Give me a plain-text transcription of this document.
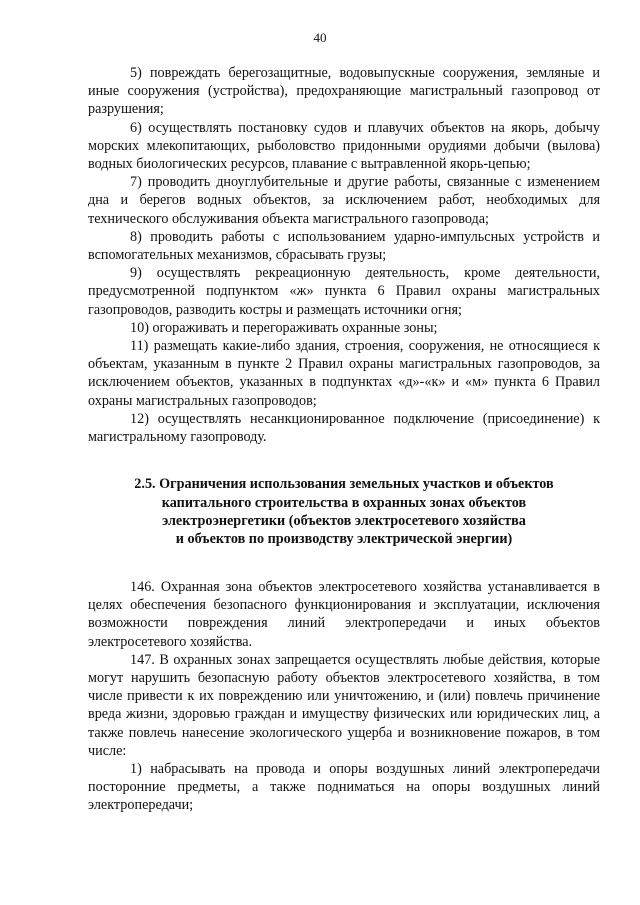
40

5) повреждать берегозащитные, водовыпускные сооружения, земляные и иные сооружения (устройства), предохраняющие магистральный газопровод от разрушения;

6) осуществлять постановку судов и плавучих объектов на якорь, добычу морских млекопитающих, рыболовство придонными орудиями добычи (вылова) водных биологических ресурсов, плавание с вытравленной якорь-цепью;

7) проводить дноуглубительные и другие работы, связанные с изменением дна и берегов водных объектов, за исключением работ, необходимых для технического обслуживания объекта магистрального газопровода;

8) проводить работы с использованием ударно-импульсных устройств и вспомогательных механизмов, сбрасывать грузы;

9) осуществлять рекреационную деятельность, кроме деятельности, предусмотренной подпунктом «ж» пункта 6 Правил охраны магистральных газопроводов, разводить костры и размещать источники огня;

10) огораживать и перегораживать охранные зоны;

11) размещать какие-либо здания, строения, сооружения, не относящиеся к объектам, указанным в пункте 2 Правил охраны магистральных газопроводов, за исключением объектов, указанных в подпунктах «д»-«к» и «м» пункта 6 Правил охраны магистральных газопроводов;

12) осуществлять несанкционированное подключение (присоединение) к магистральному газопроводу.

2.5. Ограничения использования земельных участков и объектов
капитального строительства в охранных зонах объектов
электроэнергетики (объектов электросетевого хозяйства
и объектов по производству электрической энергии)

146. Охранная зона объектов электросетевого хозяйства устанавливается в целях обеспечения безопасного функционирования и эксплуатации, исключения возможности повреждения линий электропередачи и иных объектов электросетевого хозяйства.

147. В охранных зонах запрещается осуществлять любые действия, которые могут нарушить безопасную работу объектов электросетевого хозяйства, в том числе привести к их повреждению или уничтожению, и (или) повлечь причинение вреда жизни, здоровью граждан и имуществу физических или юридических лиц, а также повлечь нанесение экологического ущерба и возникновение пожаров, в том числе:

1) набрасывать на провода и опоры воздушных линий электропередачи посторонние предметы, а также подниматься на опоры воздушных линий электропередачи;
